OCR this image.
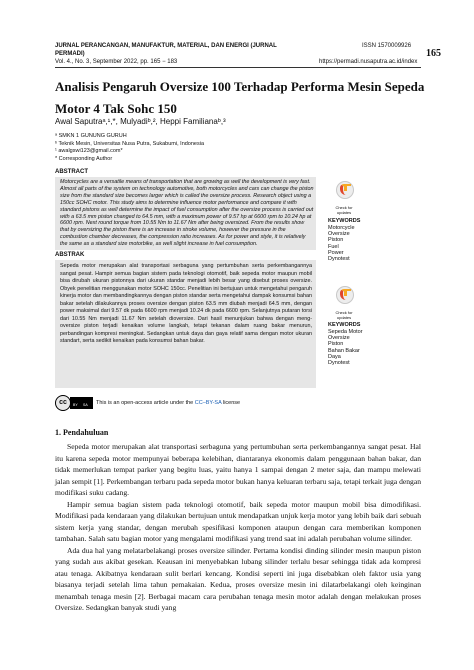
JURNAL PERANCANGAN, MANUFAKTUR, MATERIAL, DAN ENERGI (JURNAL PERMADI)
Vol. 4., No. 3, September 2022, pp. 165 − 183
ISSN 1570009926
165
https://permadi.nusaputra.ac.id/index
Analisis Pengaruh Oversize 100 Terhadap Performa Mesin Sepeda Motor 4 Tak Sohc 150
Awal Saputraᵃ,¹,*, Mulyadiᵇ,², Heppi Familianaᵇ,³
ᵃ SMKN 1 GUNUNG GURUH
ᵇ Teknik Mesin, Universitas Nusa Putra, Sukabumi, Indonesia
¹ awalgswi123@gmail.com*
* Corresponding Author
ABSTRACT
Motorcycles are a versatile means of transportation that are growing as well the development is very fast. Almost all parts of the system on technology automotive, both motorcycles and cars can change the piston size from the standard size becomes larger which is called the oversize process. Research object using a 150cc SOHC motor. This study aims to determine influence motor performance and compare it with standard pistons as well determine the impact of fuel consumption after the oversize process is carried out with a 63.5 mm piston changed to 64.5 mm, with a maximum power of 9.57 hp at 6600 rpm to 10.24 hp at 6600 rpm. Next round torque from 10.55 Nm to 11.67 Nm after being oversized. From the results show that by oversizing the piston there is an increase in stroke volume, however the pressure in the combustion chamber decreases, the compression ratio increases. As for power and style, it is relatively the same as a standard size motorbike, as well slight increase in fuel consumption.
Check for updates
KEYWORDS
Motorcycle
Oversize
Piston
Fuel
Power
Dynotest
ABSTRAK
Sepeda motor merupakan alat transportasi serbaguna yang pertumbuhan serta perkembangannya sangat pesat. Hampir semua bagian sistem pada teknologi otomotif, baik sepeda motor maupun mobil bisa dirubah ukuran pistonnya dari ukuran standar menjadi lebih besar yang disebut proses oversize. Obyek penelitian menggunakan motor SOHC 150cc. Penelitian ini bertujuan untuk mengetahui pengaruh kinerja motor dan membandingkannya dengan piston standar serta mengetahui dampak konsumsi bahan bakar setelah dilakukannya proses oversize dengan piston 63.5 mm diubah menjadi 64.5 mm, dengan power maksimal dari 9.57 dk pada 6600 rpm menjadi 10.24 dk pada 6600 rpm. Selanjutnya putaran torsi dari 10.55 Nm menjadi 11.67 Nm setelah dioversize. Dari hasil menunjukan bahwa dengan meng-oversize piston terjadi kenaikan volume langkah, tetapi tekanan dalam ruang bakar menurun, perbandingan kompresi meningkat. Sedangkan untuk daya dan gaya relatif sama dengan motor ukuran standart, serta sedikit kenaikan pada konsumsi bahan bakar.
Check for updates
KEYWORDS
Sepeda Motor
Oversize
Piston
Bahan Bakar
Daya
Dynotest
cc	BY SA This is an open-access article under the CC–BY-SA license
1. Pendahuluan

Sepeda motor merupakan alat transportasi serbaguna yang pertumbuhan serta perkembangannya sangat pesat. Hal itu karena sepeda motor mempunyai beberapa kelebihan, diantaranya ekonomis dalam penggunaan bahan bakar, dan tidak memerlukan tempat parker yang begitu luas, yaitu hanya 1 sampai dengan 2 meter saja, dan mampu melewati jalan sempit [1]. Perkembangan terbaru pada sepeda motor bukan hanya keluaran terbaru saja, tetapi terkait juga dengan modifikasi suku cadang.

Hampir semua bagian sistem pada teknologi otomotif, baik sepeda motor maupun mobil bisa dimodifikasi. Modifikasi pada kendaraan yang dilakukan bertujuan untuk mendapatkan unjuk kerja motor yang lebih baik dari sebuah sistem kerja yang standar, dengan merubah spesifikasi komponen ataupun dengan cara memberikan komponen tambahan. Salah satu bagian motor yang mengalami modifikasi yang trend saat ini adalah perubahan volume silinder.

Ada dua hal yang melatarbelakangi proses oversize silinder. Pertama kondisi dinding silinder mesin maupun piston yang sudah aus akibat gesekan. Keausan ini menyebabkan lubang silinder terlalu besar sehingga tidak ada kompresi atau tenaga. Akibatnya kendaraan sulit berlari kencang. Kondisi seperti ini juga disebabkan oleh faktor usia yang biasanya terjadi setelah lima tahun pemakaian. Kedua, proses oversize mesin ini dilatarbelakangi oleh keinginan menambah tenaga mesin [2]. Berbagai macam cara perubahan tenaga mesin motor adalah dengan melakukan proses Oversize. Sedangkan banyak studi yang
